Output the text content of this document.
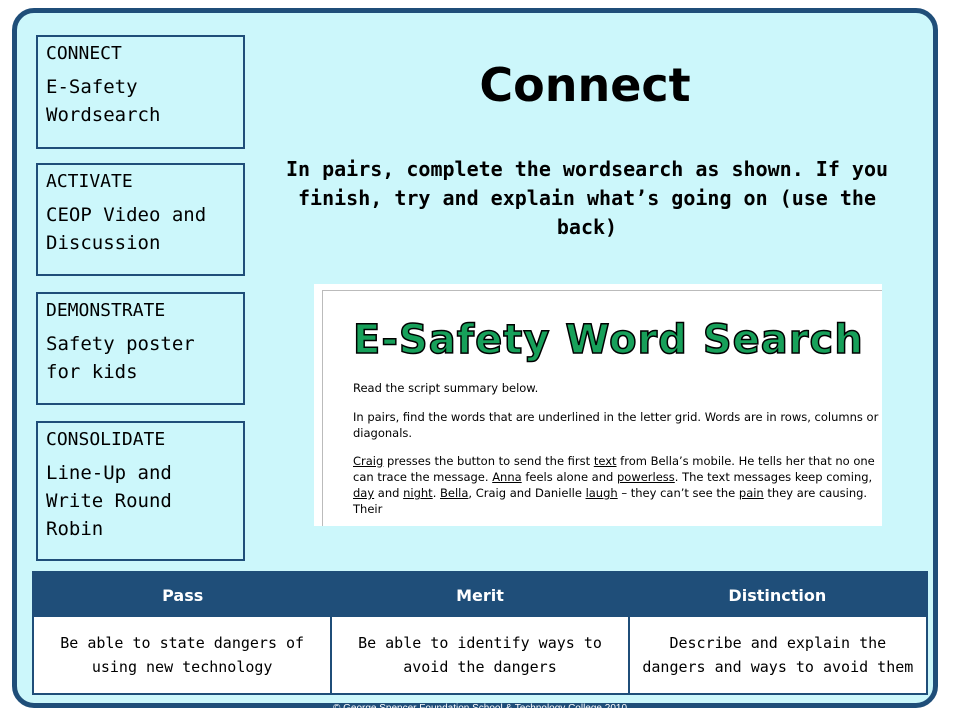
CONNECT
E-Safety Wordsearch
ACTIVATE
CEOP Video and Discussion
DEMONSTRATE
Safety poster for kids
CONSOLIDATE
Line-Up and Write Round Robin
Connect
In pairs, complete the wordsearch as shown. If you finish, try and explain what’s going on (use the back)
E-Safety Word Search

Read the script summary below.

In pairs, find the words that are underlined in the letter grid. Words are in rows, columns or diagonals.

Craig presses the button to send the first text from Bella’s mobile. He tells her that no one can trace the message. Anna feels alone and powerless. The text messages keep coming, day and night. Bella, Craig and Danielle laugh – they can’t see the pain they are causing. Their

Pass	Merit	Distinction
Be able to state dangers of using new technology	Be able to identify ways to avoid the dangers	Describe and explain the dangers and ways to avoid them
© George Spencer Foundation School & Technology College 2010
